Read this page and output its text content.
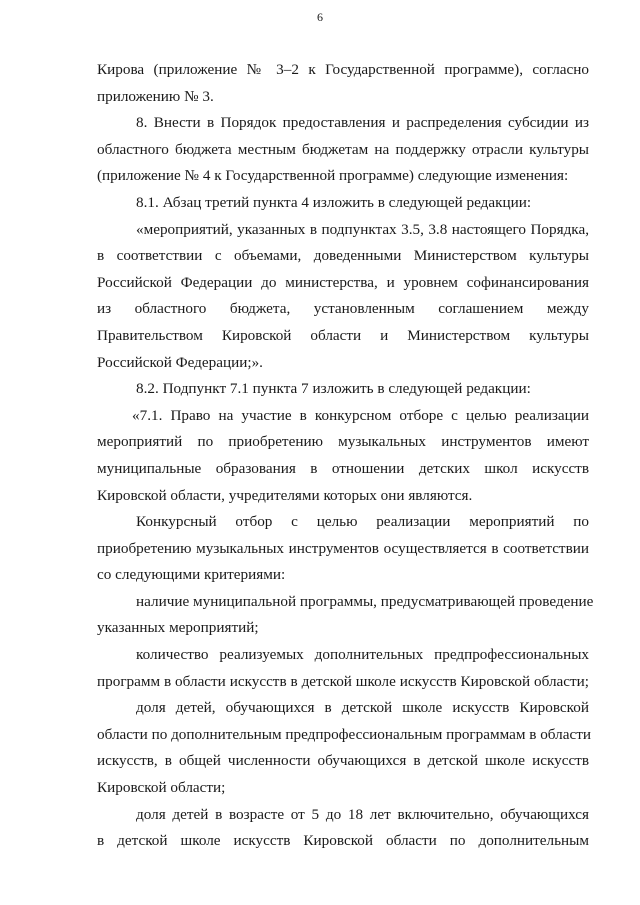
6
Кирова (приложение № 3–2 к Государственной программе), согласно
приложению № 3.
8. Внести в Порядок предоставления и распределения субсидии из
областного бюджета местным бюджетам на поддержку отрасли культуры
(приложение № 4 к Государственной программе) следующие изменения:
8.1. Абзац третий пункта 4 изложить в следующей редакции:
«мероприятий, указанных в подпунктах 3.5, 3.8 настоящего Порядка,
в соответствии с объемами, доведенными Министерством культуры
Российской Федерации до министерства, и уровнем софинансирования
из областного бюджета, установленным соглашением между
Правительством Кировской области и Министерством культуры
Российской Федерации;».
8.2. Подпункт 7.1 пункта 7 изложить в следующей редакции:
«7.1. Право на участие в конкурсном отборе с целью реализации
мероприятий по приобретению музыкальных инструментов имеют
муниципальные образования в отношении детских школ искусств
Кировской области, учредителями которых они являются.
Конкурсный отбор с целью реализации мероприятий по
приобретению музыкальных инструментов осуществляется в соответствии
со следующими критериями:
наличие муниципальной программы, предусматривающей проведение
указанных мероприятий;
количество реализуемых дополнительных предпрофессиональных
программ в области искусств в детской школе искусств Кировской области;
доля детей, обучающихся в детской школе искусств Кировской
области по дополнительным предпрофессиональным программам в области
искусств, в общей численности обучающихся в детской школе искусств
Кировской области;
доля детей в возрасте от 5 до 18 лет включительно, обучающихся
в детской школе искусств Кировской области по дополнительным
